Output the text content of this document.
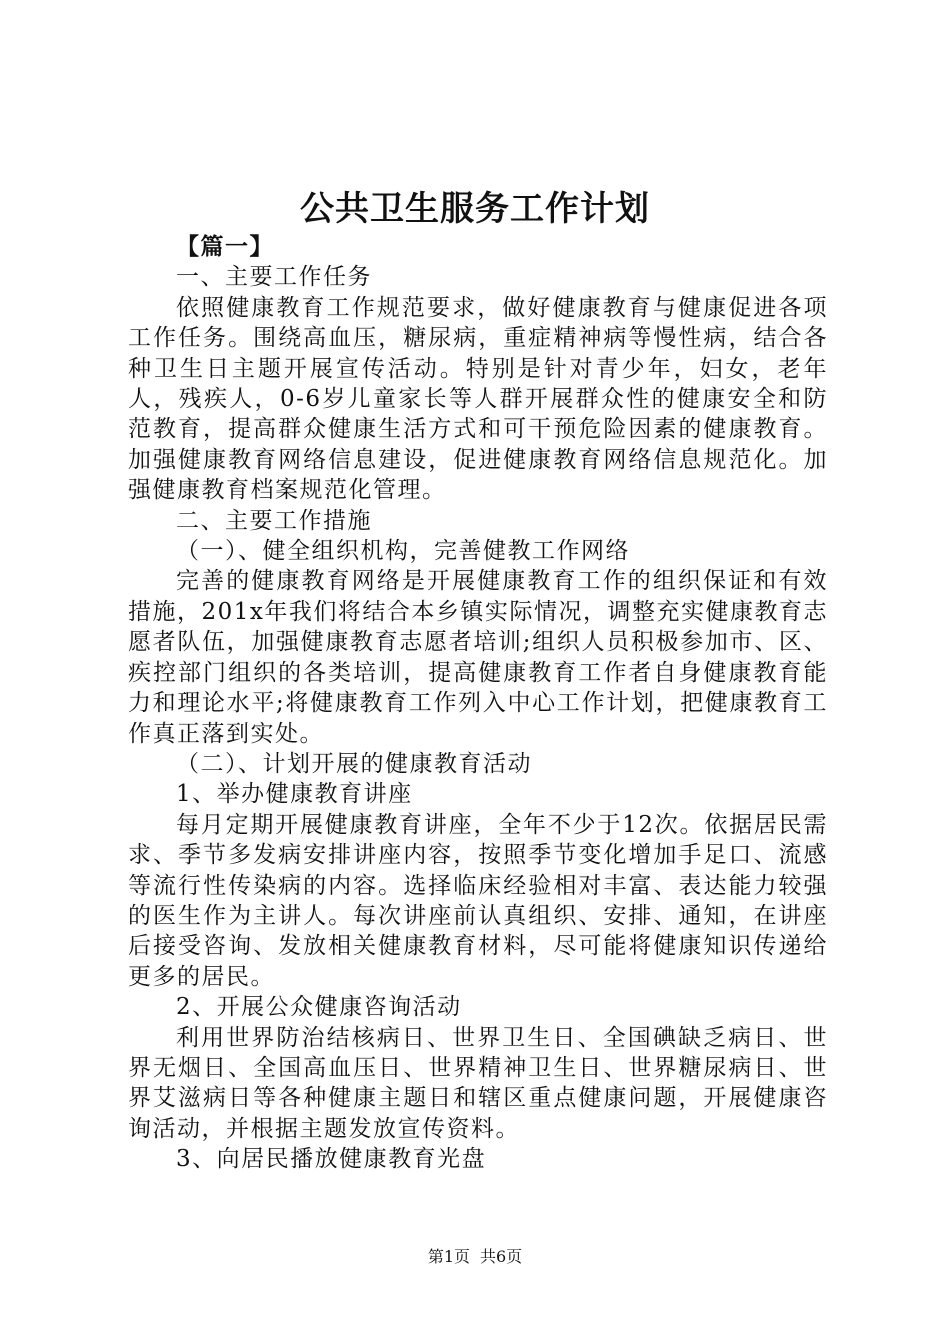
公共卫生服务工作计划

【篇一】

一、主要工作任务

依照健康教育工作规范要求，做好健康教育与健康促进各项工作任务。围绕高血压，糖尿病，重症精神病等慢性病，结合各种卫生日主题开展宣传活动。特别是针对青少年，妇女，老年人，残疾人，0-6岁儿童家长等人群开展群众性的健康安全和防范教育，提高群众健康生活方式和可干预危险因素的健康教育。加强健康教育网络信息建设，促进健康教育网络信息规范化。加强健康教育档案规范化管理。

二、主要工作措施

（一）、健全组织机构，完善健教工作网络

完善的健康教育网络是开展健康教育工作的组织保证和有效措施，201x年我们将结合本乡镇实际情况，调整充实健康教育志愿者队伍，加强健康教育志愿者培训;组织人员积极参加市、区、疾控部门组织的各类培训，提高健康教育工作者自身健康教育能力和理论水平;将健康教育工作列入中心工作计划，把健康教育工作真正落到实处。

（二）、计划开展的健康教育活动

1、举办健康教育讲座

每月定期开展健康教育讲座，全年不少于12次。依据居民需求、季节多发病安排讲座内容，按照季节变化增加手足口、流感等流行性传染病的内容。选择临床经验相对丰富、表达能力较强的医生作为主讲人。每次讲座前认真组织、安排、通知，在讲座后接受咨询、发放相关健康教育材料，尽可能将健康知识传递给更多的居民。

2、开展公众健康咨询活动

利用世界防治结核病日、世界卫生日、全国碘缺乏病日、世界无烟日、全国高血压日、世界精神卫生日、世界糖尿病日、世界艾滋病日等各种健康主题日和辖区重点健康问题，开展健康咨询活动，并根据主题发放宣传资料。

3、向居民播放健康教育光盘

第1页 共6页
